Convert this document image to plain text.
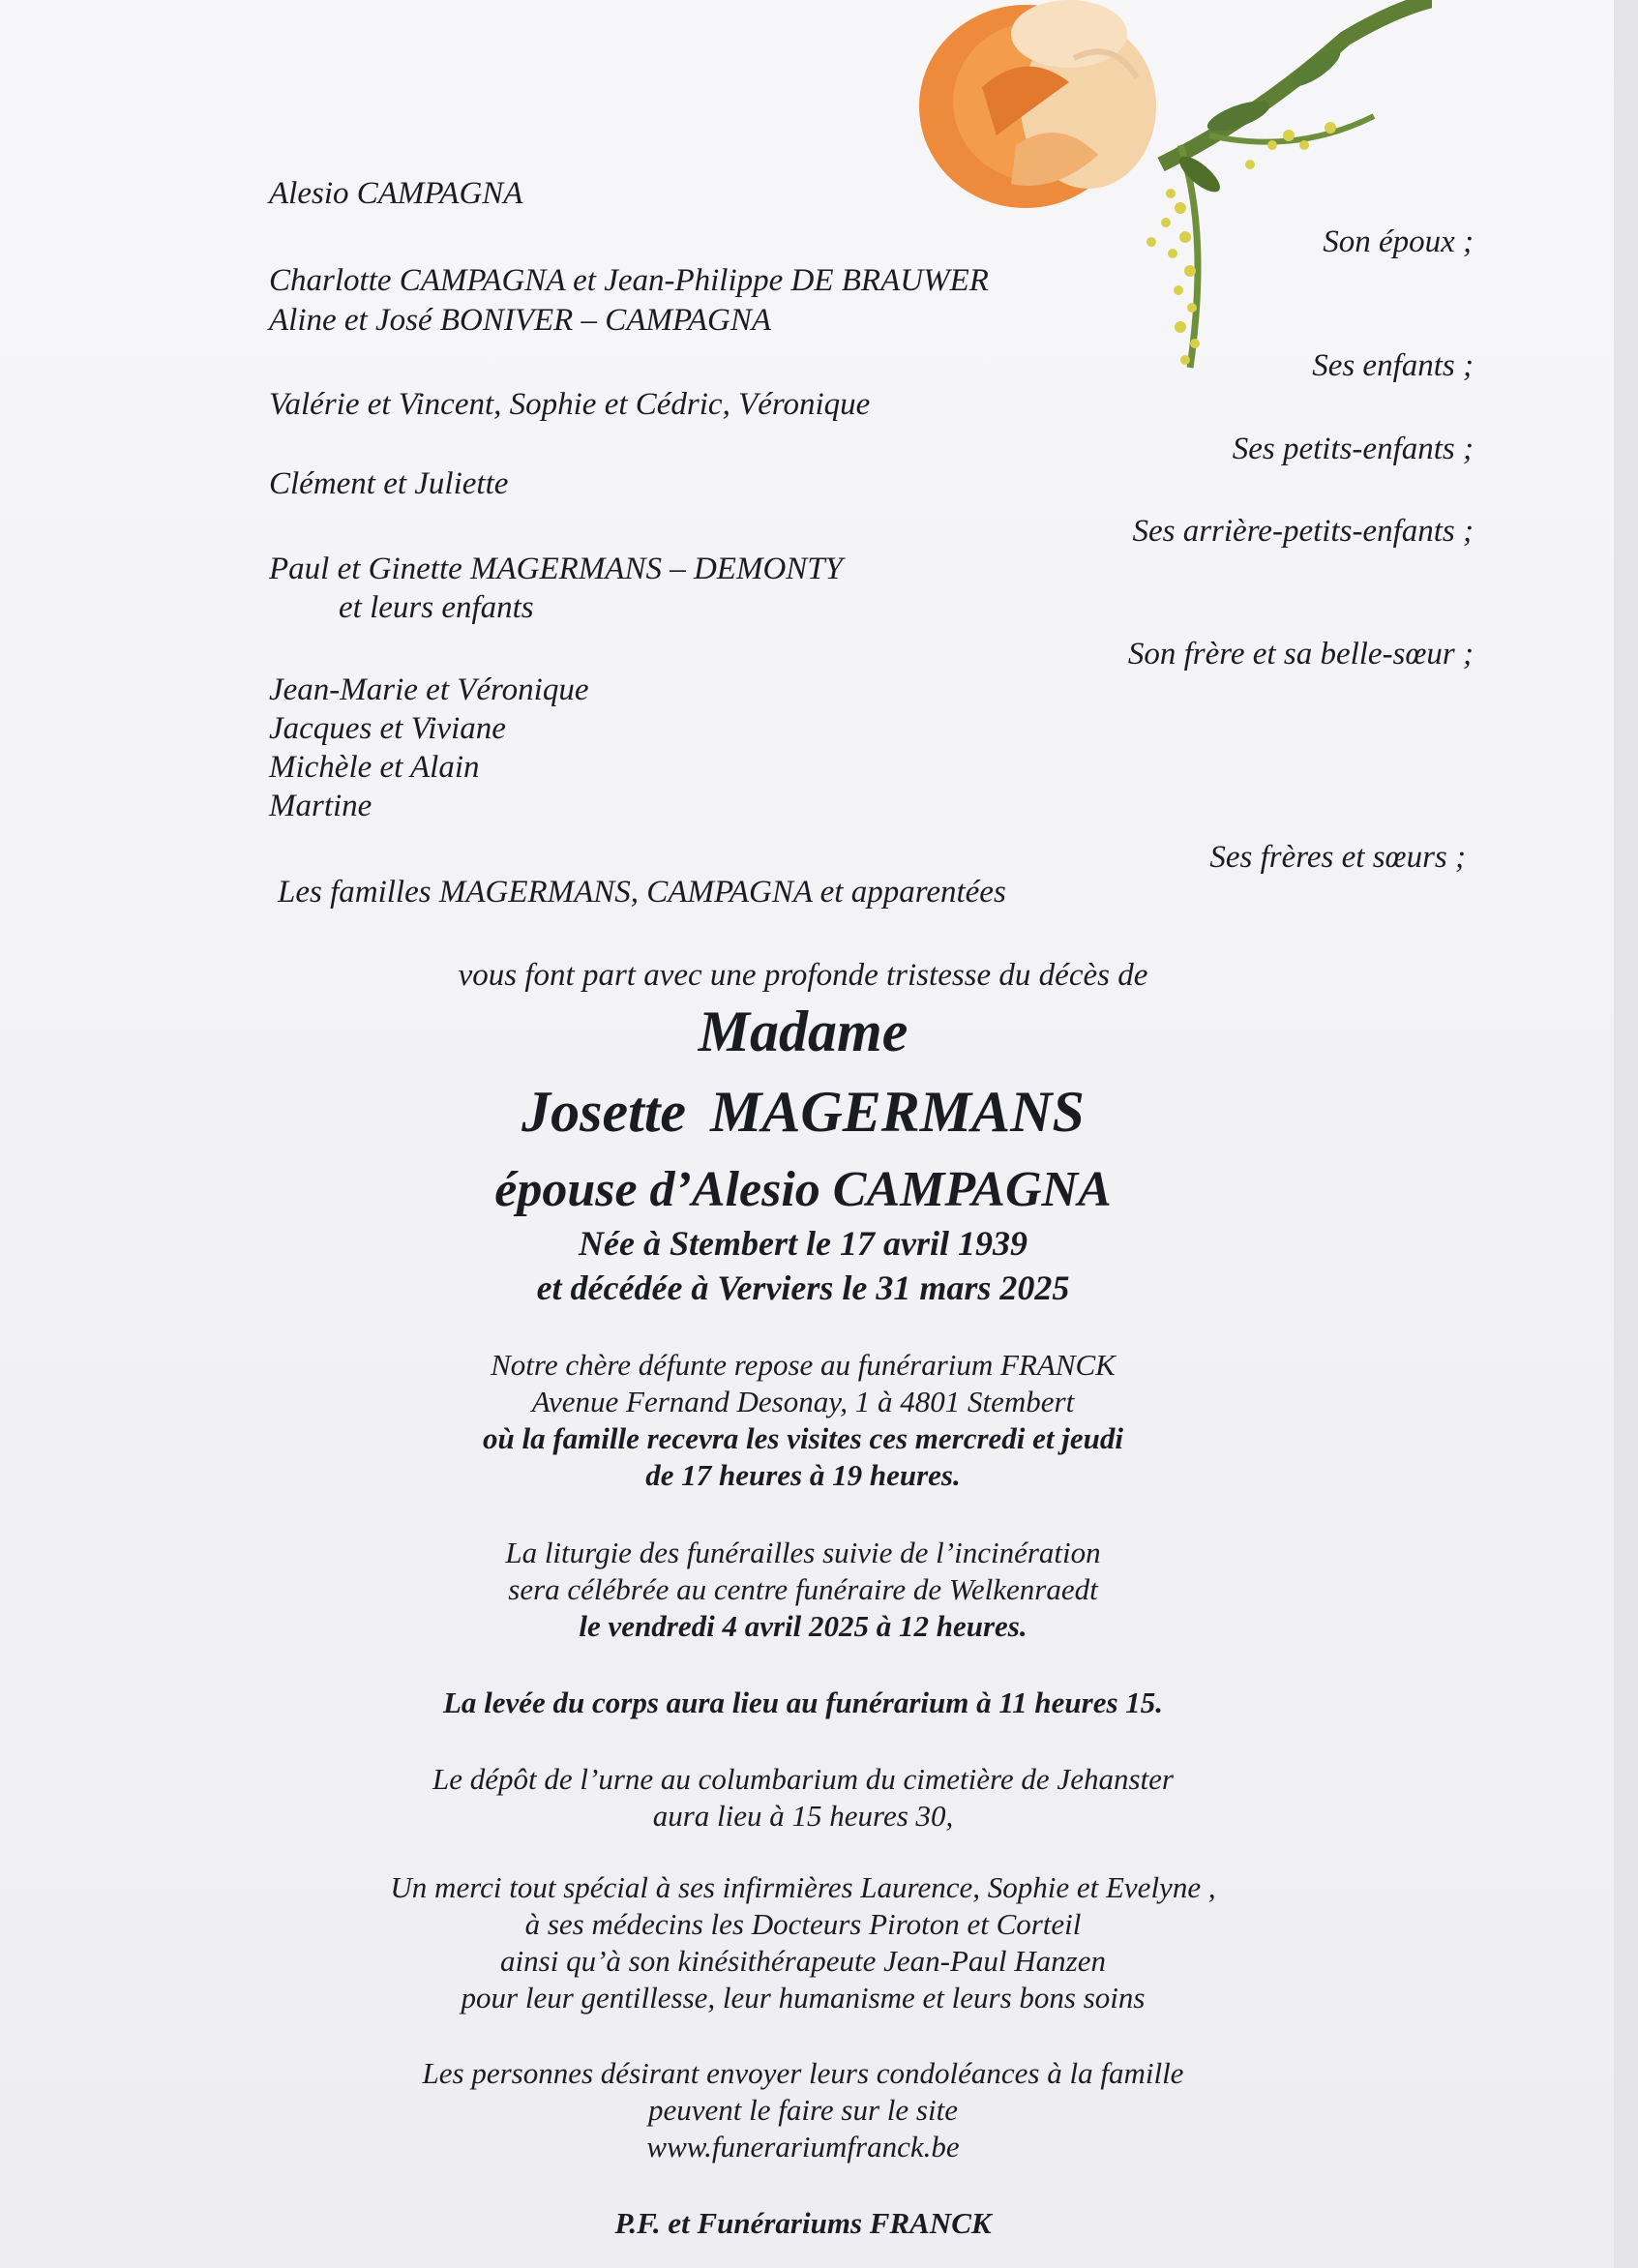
Alesio CAMPAGNA
Son époux ;
Charlotte CAMPAGNA et Jean-Philippe DE BRAUWER
Aline et José BONIVER – CAMPAGNA
Ses enfants ;
Valérie et Vincent, Sophie et Cédric, Véronique
Ses petits-enfants ;
Clément et Juliette
Ses arrière-petits-enfants ;
Paul et Ginette MAGERMANS – DEMONTY
et leurs enfants
Son frère et sa belle-sœur ;
Jean-Marie et Véronique
Jacques et Viviane
Michèle et Alain
Martine
Ses frères et sœurs ;
Les familles MAGERMANS, CAMPAGNA et apparentées
vous font part avec une profonde tristesse du décès de
Madame
Josette MAGERMANS
épouse d’Alesio CAMPAGNA
Née à Stembert le 17 avril 1939
et décédée à Verviers le 31 mars 2025
Notre chère défunte repose au funérarium FRANCK
Avenue Fernand Desonay, 1 à 4801 Stembert
où la famille recevra les visites ces mercredi et jeudi
de 17 heures à 19 heures.
La liturgie des funérailles suivie de l’incinération
sera célébrée au centre funéraire de Welkenraedt
le vendredi 4 avril 2025 à 12 heures.
La levée du corps aura lieu au funérarium à 11 heures 15.
Le dépôt de l’urne au columbarium du cimetière de Jehanster
aura lieu à 15 heures 30,
Un merci tout spécial à ses infirmières Laurence, Sophie et Evelyne ,
à ses médecins les Docteurs Piroton et Corteil
ainsi qu’à son kinésithérapeute Jean-Paul Hanzen
pour leur gentillesse, leur humanisme et leurs bons soins
Les personnes désirant envoyer leurs condoléances à la famille
peuvent le faire sur le site
www.funerariumfranck.be
P.F. et Funérariums FRANCK
